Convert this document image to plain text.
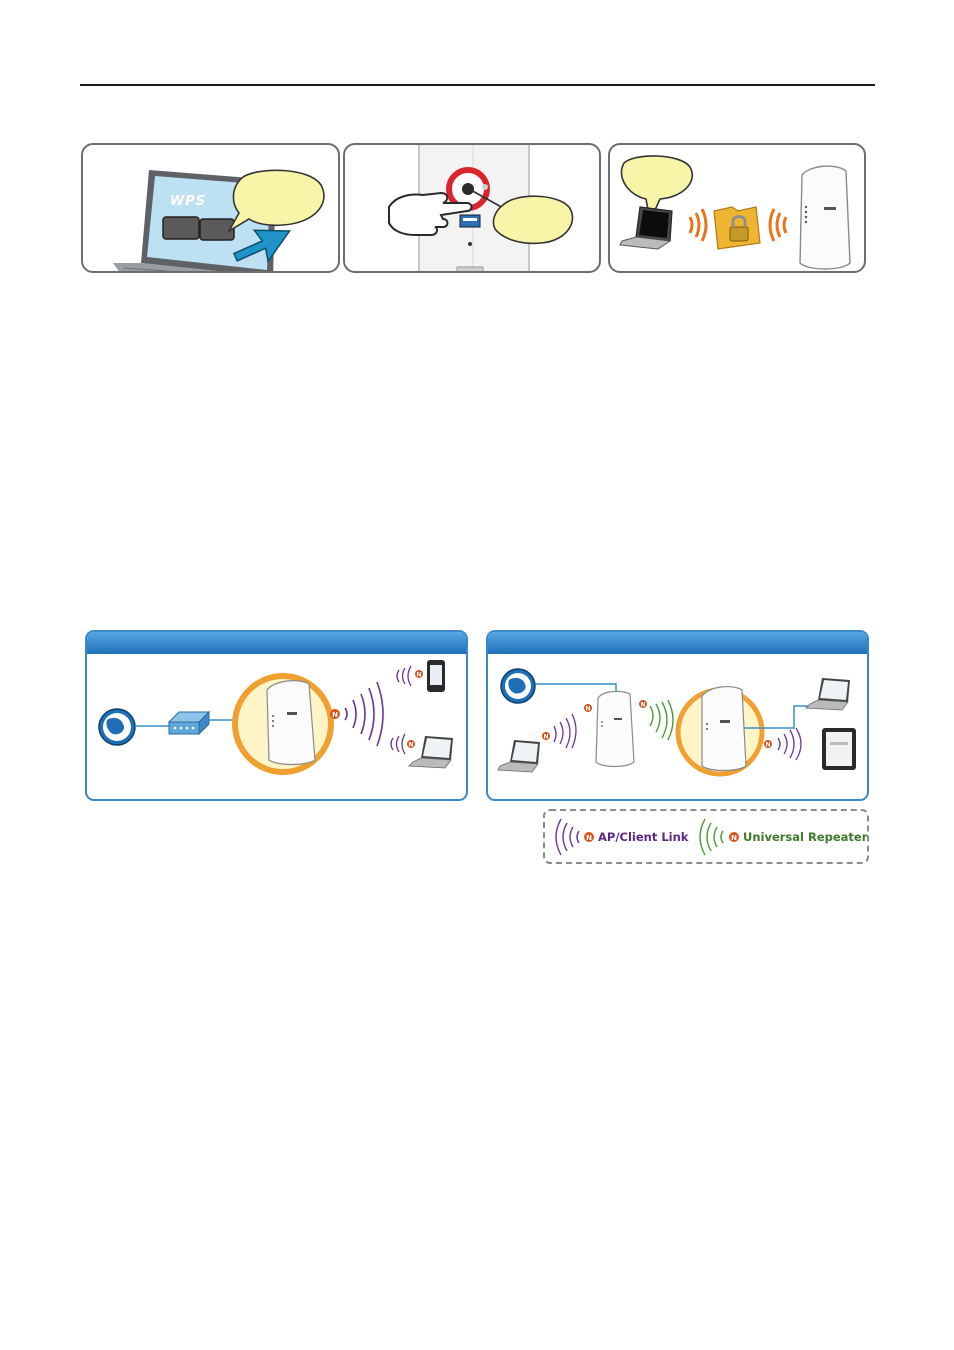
WPS
N
N
N
N
N
N
N
N	N
AP/Client Link	Universal Repeater
